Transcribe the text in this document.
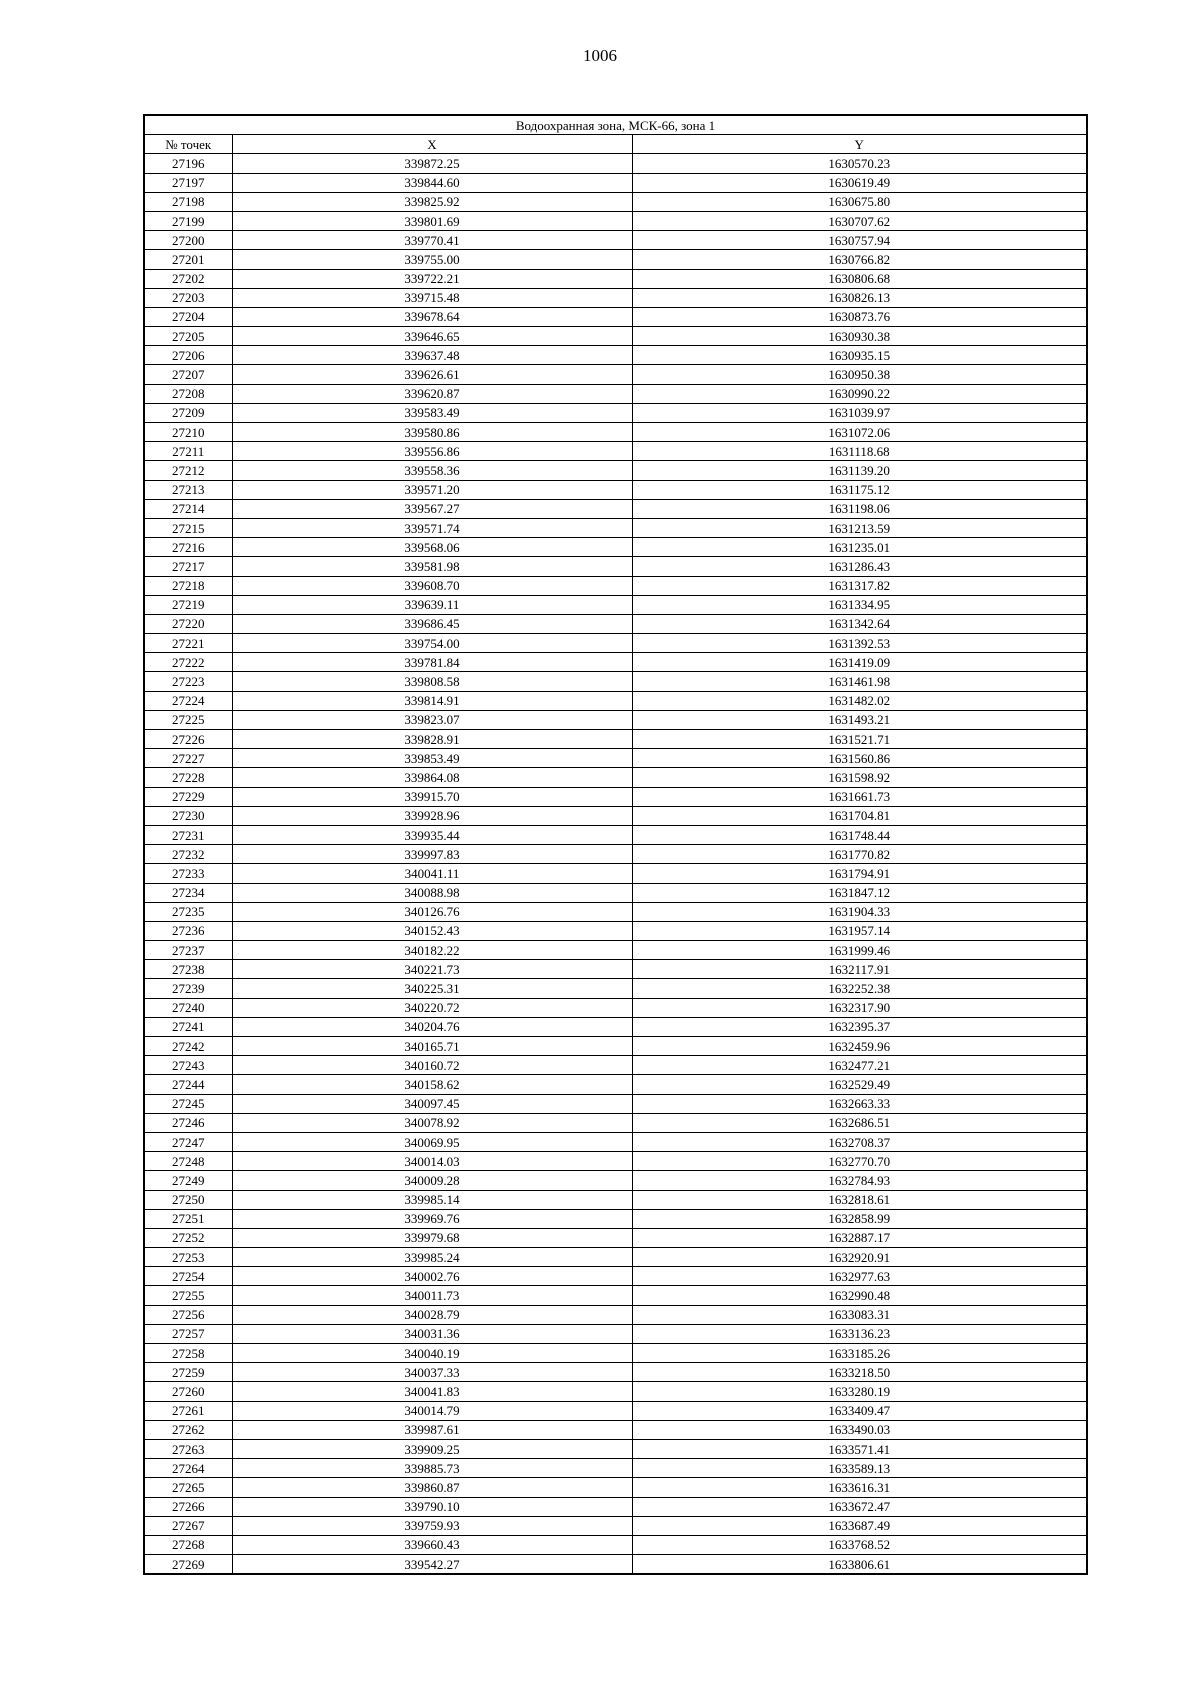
1006
Водоохранная зона, МСК-66, зона 1		
№ точек	X	Y
27196	339872.25	1630570.23
27197	339844.60	1630619.49
27198	339825.92	1630675.80
27199	339801.69	1630707.62
27200	339770.41	1630757.94
27201	339755.00	1630766.82
27202	339722.21	1630806.68
27203	339715.48	1630826.13
27204	339678.64	1630873.76
27205	339646.65	1630930.38
27206	339637.48	1630935.15
27207	339626.61	1630950.38
27208	339620.87	1630990.22
27209	339583.49	1631039.97
27210	339580.86	1631072.06
27211	339556.86	1631118.68
27212	339558.36	1631139.20
27213	339571.20	1631175.12
27214	339567.27	1631198.06
27215	339571.74	1631213.59
27216	339568.06	1631235.01
27217	339581.98	1631286.43
27218	339608.70	1631317.82
27219	339639.11	1631334.95
27220	339686.45	1631342.64
27221	339754.00	1631392.53
27222	339781.84	1631419.09
27223	339808.58	1631461.98
27224	339814.91	1631482.02
27225	339823.07	1631493.21
27226	339828.91	1631521.71
27227	339853.49	1631560.86
27228	339864.08	1631598.92
27229	339915.70	1631661.73
27230	339928.96	1631704.81
27231	339935.44	1631748.44
27232	339997.83	1631770.82
27233	340041.11	1631794.91
27234	340088.98	1631847.12
27235	340126.76	1631904.33
27236	340152.43	1631957.14
27237	340182.22	1631999.46
27238	340221.73	1632117.91
27239	340225.31	1632252.38
27240	340220.72	1632317.90
27241	340204.76	1632395.37
27242	340165.71	1632459.96
27243	340160.72	1632477.21
27244	340158.62	1632529.49
27245	340097.45	1632663.33
27246	340078.92	1632686.51
27247	340069.95	1632708.37
27248	340014.03	1632770.70
27249	340009.28	1632784.93
27250	339985.14	1632818.61
27251	339969.76	1632858.99
27252	339979.68	1632887.17
27253	339985.24	1632920.91
27254	340002.76	1632977.63
27255	340011.73	1632990.48
27256	340028.79	1633083.31
27257	340031.36	1633136.23
27258	340040.19	1633185.26
27259	340037.33	1633218.50
27260	340041.83	1633280.19
27261	340014.79	1633409.47
27262	339987.61	1633490.03
27263	339909.25	1633571.41
27264	339885.73	1633589.13
27265	339860.87	1633616.31
27266	339790.10	1633672.47
27267	339759.93	1633687.49
27268	339660.43	1633768.52
27269	339542.27	1633806.61
